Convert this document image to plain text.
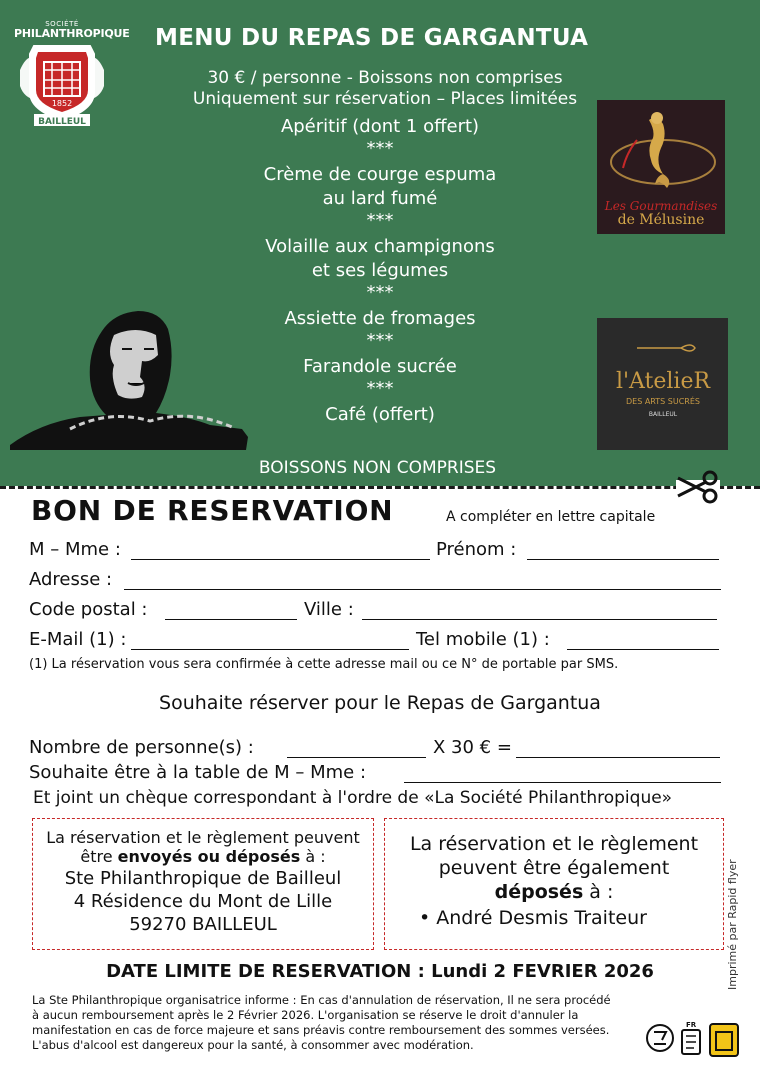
SOCIÉTÉ
PHILANTHROPIQUE
1852
BAILLEUL
MENU DU REPAS DE GARGANTUA
30 € / personne - Boissons non comprises
Uniquement sur réservation – Places limitées
Apéritif (dont 1 offert)
***
Crème de courge espuma
au lard fumé
***
Volaille aux champignons
et ses légumes
***
Assiette de fromages
***
Farandole sucrée
***
Café (offert)
Les Gourmandises
de Mélusine
l'AtelieR
DES ARTS SUCRÉS
BAILLEUL
BOISSONS NON COMPRISES
BON DE RESERVATION	A compléter en lettre capitale
M – Mme :	Prénom :
Adresse :
Code postal :	Ville :
E-Mail (1) :	Tel mobile (1) :
(1) La réservation vous sera confirmée à cette adresse mail ou ce N° de portable par SMS.
Souhaite réserver pour le Repas de Gargantua
Nombre de personne(s) :	X 30 € =
Souhaite être à la table de M – Mme :
Et joint un chèque correspondant à l'ordre de «La Société Philanthropique»
La réservation et le règlement peuvent
être envoyés ou déposés à :
Ste Philanthropique de Bailleul
4 Résidence du Mont de Lille
59270 BAILLEUL
La réservation et le règlement
peuvent être également
déposés à :
• André Desmis Traiteur	Imprimé par Rapid flyer
DATE LIMITE DE RESERVATION : Lundi 2 FEVRIER 2026
La Ste Philanthropique organisatrice informe : En cas d'annulation de réservation, Il ne sera procédé
à aucun remboursement après le 2 Février 2026. L'organisation se réserve le droit d'annuler la
manifestation en cas de force majeure et sans préavis contre remboursement des sommes versées.
L'abus d'alcool est dangereux pour la santé, à consommer avec modération.
FR
